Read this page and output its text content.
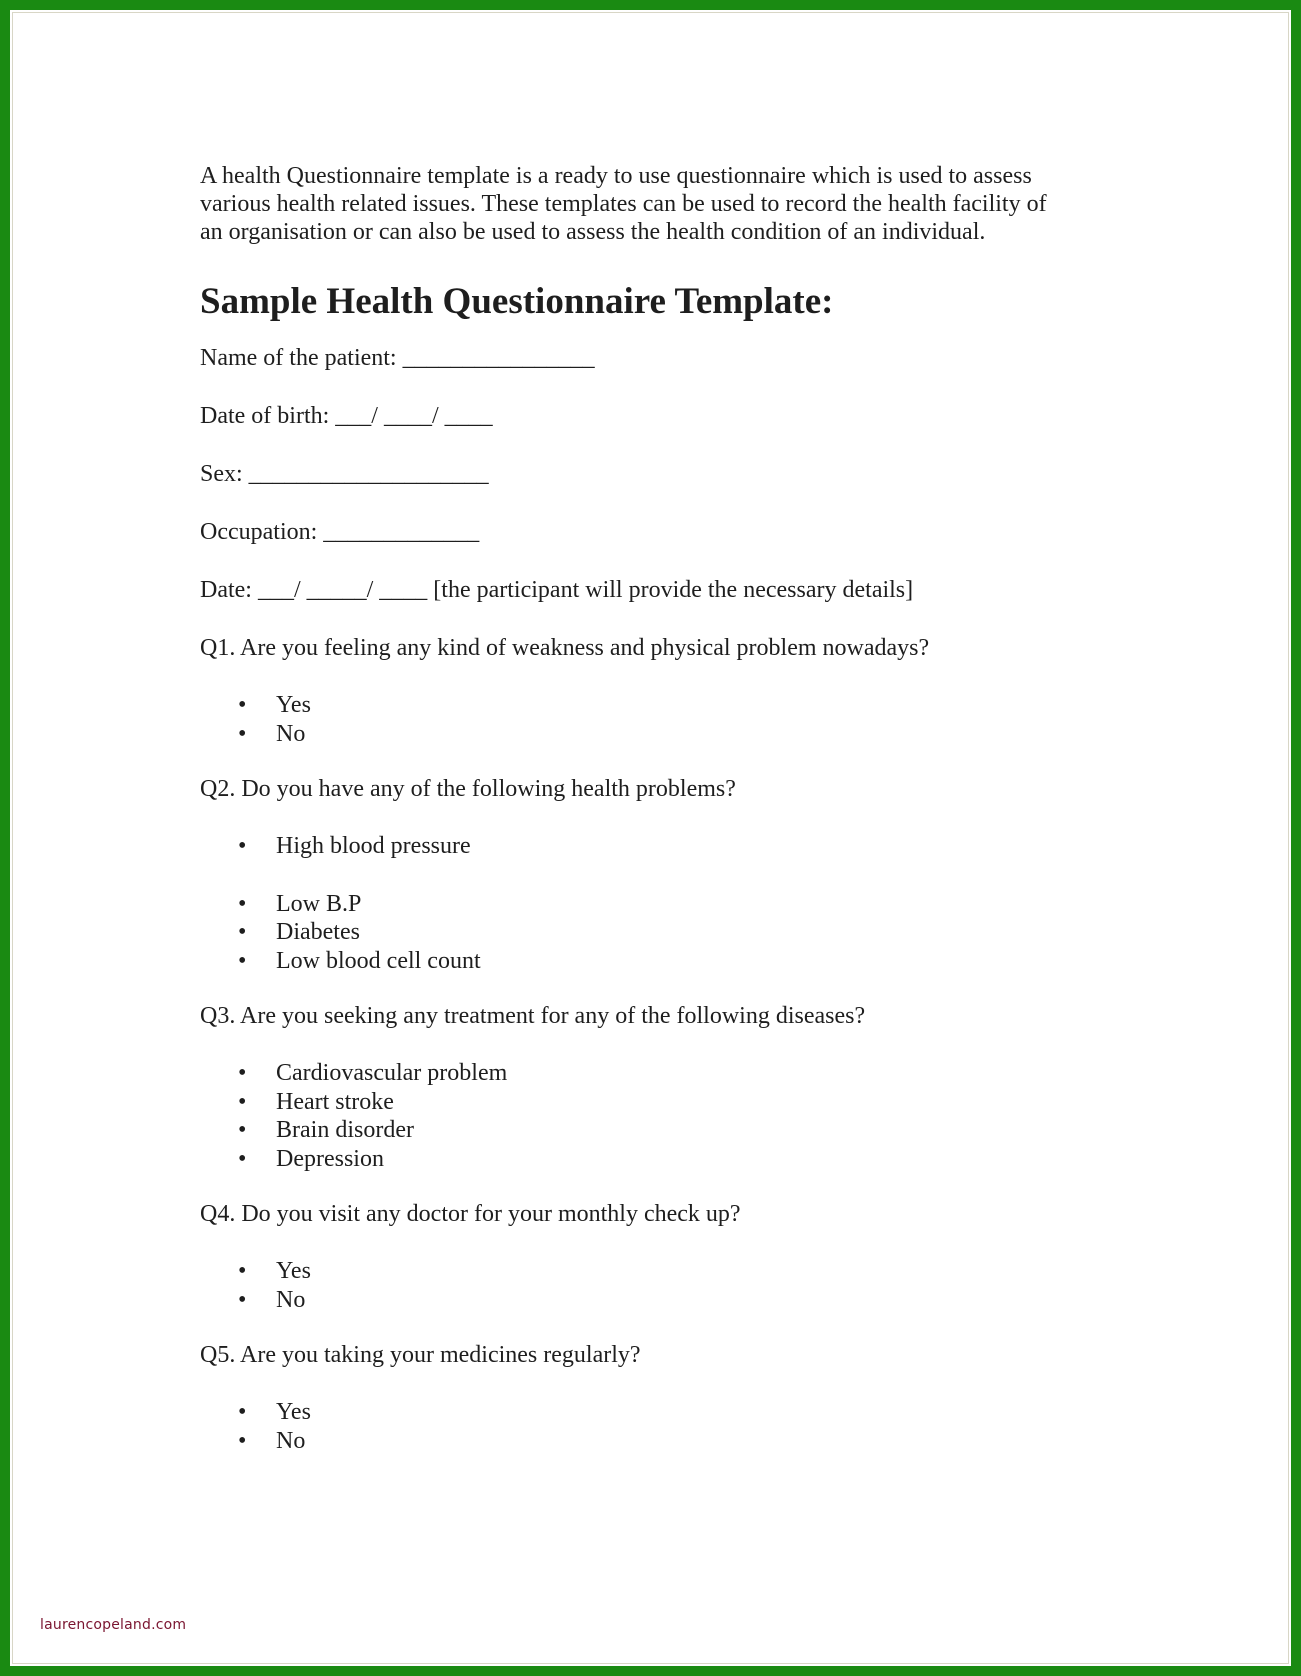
A health Questionnaire template is a ready to use questionnaire which is used to assess
various health related issues. These templates can be used to record the health facility of
an organisation or can also be used to assess the health condition of an individual.

Sample Health Questionnaire Template:

Name of the patient: ________________

Date of birth: ___/ ____/ ____

Sex: ____________________

Occupation: _____________

Date: ___/ _____/ ____ [the participant will provide the necessary details]

Q1. Are you feeling any kind of weakness and physical problem nowadays?

• Yes
• No

Q2. Do you have any of the following health problems?

• High blood pressure
• Low B.P
• Diabetes
• Low blood cell count

Q3. Are you seeking any treatment for any of the following diseases?

• Cardiovascular problem
• Heart stroke
• Brain disorder
• Depression

Q4. Do you visit any doctor for your monthly check up?

• Yes
• No

Q5. Are you taking your medicines regularly?

• Yes
• No
laurencopeland.com
